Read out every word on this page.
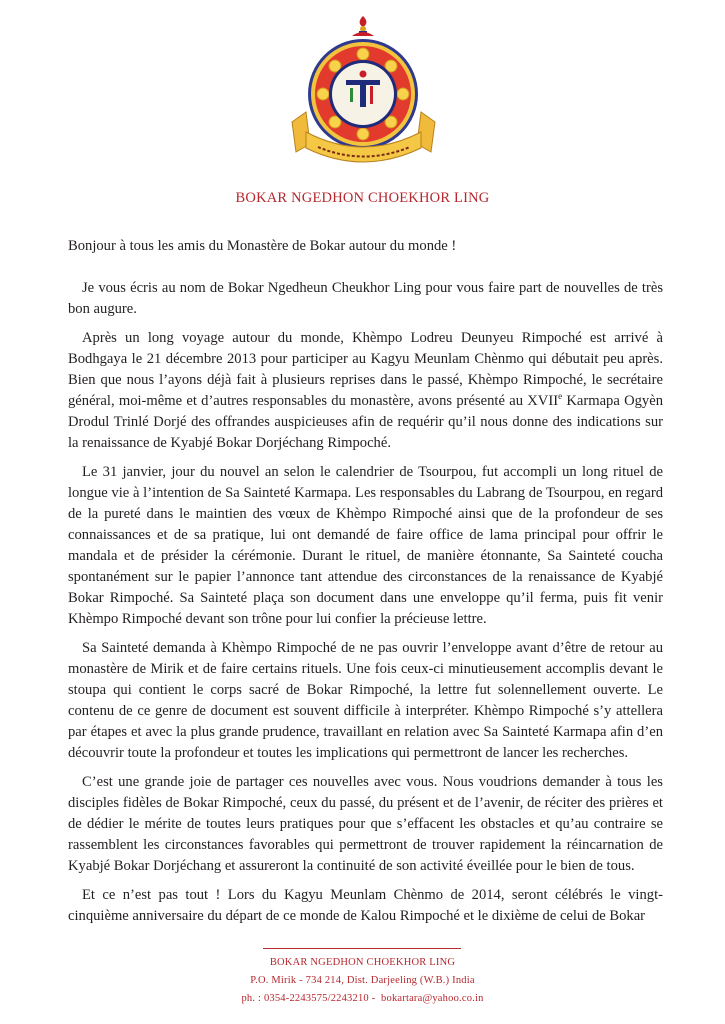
BOKAR NGEDHON CHOEKHOR LING

Bonjour à tous les amis du Monastère de Bokar autour du monde !

Je vous écris au nom de Bokar Ngedheun Cheukhor Ling pour vous faire part de nouvelles de très bon augure.

Après un long voyage autour du monde, Khèmpo Lodreu Deunyeu Rimpoché est arrivé à Bodhgaya le 21 décembre 2013 pour participer au Kagyu Meunlam Chènmo qui débutait peu après. Bien que nous l’ayons déjà fait à plusieurs reprises dans le passé, Khèmpo Rimpoché, le secrétaire général, moi-même et d’autres responsables du monastère, avons présenté au XVIIe Karmapa Ogyèn Drodul Trinlé Dorjé des offrandes auspicieuses afin de requérir qu’il nous donne des indications sur la renaissance de Kyabjé Bokar Dorjéchang Rimpoché.

Le 31 janvier, jour du nouvel an selon le calendrier de Tsourpou, fut accompli un long rituel de longue vie à l’intention de Sa Sainteté Karmapa. Les responsables du Labrang de Tsourpou, en regard de la pureté dans le maintien des vœux de Khèmpo Rimpoché ainsi que de la profondeur de ses connaissances et de sa pratique, lui ont demandé de faire office de lama principal pour offrir le mandala et de présider la cérémonie. Durant le rituel, de manière étonnante, Sa Sainteté coucha spontanément sur le papier l’annonce tant attendue des circonstances de la renaissance de Kyabjé Bokar Rimpoché. Sa Sainteté plaça son document dans une enveloppe qu’il ferma, puis fit venir Khèmpo Rimpoché devant son trône pour lui confier la précieuse lettre.

Sa Sainteté demanda à Khèmpo Rimpoché de ne pas ouvrir l’enveloppe avant d’être de retour au monastère de Mirik et de faire certains rituels. Une fois ceux-ci minutieusement accomplis devant le stoupa qui contient le corps sacré de Bokar Rimpoché, la lettre fut solennellement ouverte. Le contenu de ce genre de document est souvent difficile à interpréter. Khèmpo Rimpoché s’y attellera par étapes et avec la plus grande prudence, travaillant en relation avec Sa Sainteté Karmapa afin d’en découvrir toute la profondeur et toutes les implications qui permettront de lancer les recherches.

C’est une grande joie de partager ces nouvelles avec vous. Nous voudrions demander à tous les disciples fidèles de Bokar Rimpoché, ceux du passé, du présent et de l’avenir, de réciter des prières et de dédier le mérite de toutes leurs pratiques pour que s’effacent les obstacles et qu’au contraire se rassemblent les circonstances favorables qui permettront de trouver rapidement la réincarnation de Kyabjé Bokar Dorjéchang et assureront la continuité de son activité éveillée pour le bien de tous.

Et ce n’est pas tout ! Lors du Kagyu Meunlam Chènmo de 2014, seront célébrés le vingt-cinquième anniversaire du départ de ce monde de Kalou Rimpoché et le dixième de celui de Bokar

BOKAR NGEDHON CHOEKHOR LING
P.O. Mirik - 734 214, Dist. Darjeeling (W.B.) India
ph. : 0354-2243575/2243210 - bokartara@yahoo.co.in
